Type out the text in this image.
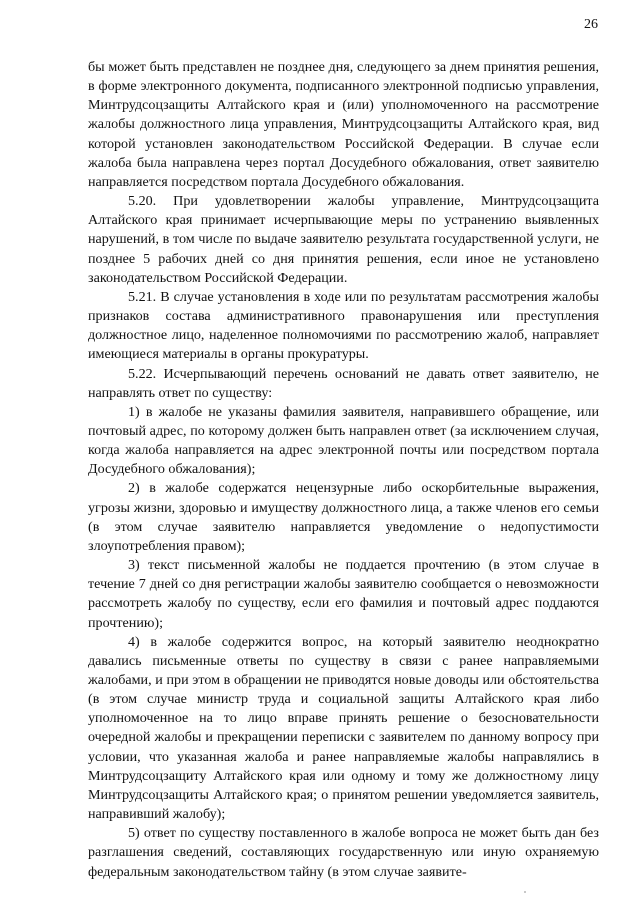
26

бы может быть представлен не позднее дня, следующего за днем принятия решения, в форме электронного документа, подписанного электронной подписью управления, Минтрудсоцзащиты Алтайского края и (или) уполномоченного на рассмотрение жалобы должностного лица управления, Минтрудсоцзащиты Алтайского края, вид которой установлен законодательством Российской Федерации. В случае если жалоба была направлена через портал Досудебного обжалования, ответ заявителю направляется посредством портала Досудебного обжалования.

5.20. При удовлетворении жалобы управление, Минтрудсоцзащита Алтайского края принимает исчерпывающие меры по устранению выявленных нарушений, в том числе по выдаче заявителю результата государственной услуги, не позднее 5 рабочих дней со дня принятия решения, если иное не установлено законодательством Российской Федерации.

5.21. В случае установления в ходе или по результатам рассмотрения жалобы признаков состава административного правонарушения или преступления должностное лицо, наделенное полномочиями по рассмотрению жалоб, направляет имеющиеся материалы в органы прокуратуры.

5.22. Исчерпывающий перечень оснований не давать ответ заявителю, не направлять ответ по существу:

1) в жалобе не указаны фамилия заявителя, направившего обращение, или почтовый адрес, по которому должен быть направлен ответ (за исключением случая, когда жалоба направляется на адрес электронной почты или посредством портала Досудебного обжалования);

2) в жалобе содержатся нецензурные либо оскорбительные выражения, угрозы жизни, здоровью и имуществу должностного лица, а также членов его семьи (в этом случае заявителю направляется уведомление о недопустимости злоупотребления правом);

3) текст письменной жалобы не поддается прочтению (в этом случае в течение 7 дней со дня регистрации жалобы заявителю сообщается о невозможности рассмотреть жалобу по существу, если его фамилия и почтовый адрес поддаются прочтению);

4) в жалобе содержится вопрос, на который заявителю неоднократно давались письменные ответы по существу в связи с ранее направляемыми жалобами, и при этом в обращении не приводятся новые доводы или обстоятельства (в этом случае министр труда и социальной защиты Алтайского края либо уполномоченное на то лицо вправе принять решение о безосновательности очередной жалобы и прекращении переписки с заявителем по данному вопросу при условии, что указанная жалоба и ранее направляемые жалобы направлялись в Минтрудсоцзащиту Алтайского края или одному и тому же должностному лицу Минтрудсоцзащиты Алтайского края; о принятом решении уведомляется заявитель, направивший жалобу);

5) ответ по существу поставленного в жалобе вопроса не может быть дан без разглашения сведений, составляющих государственную или иную охраняемую федеральным законодательством тайну (в этом случае заявите-
